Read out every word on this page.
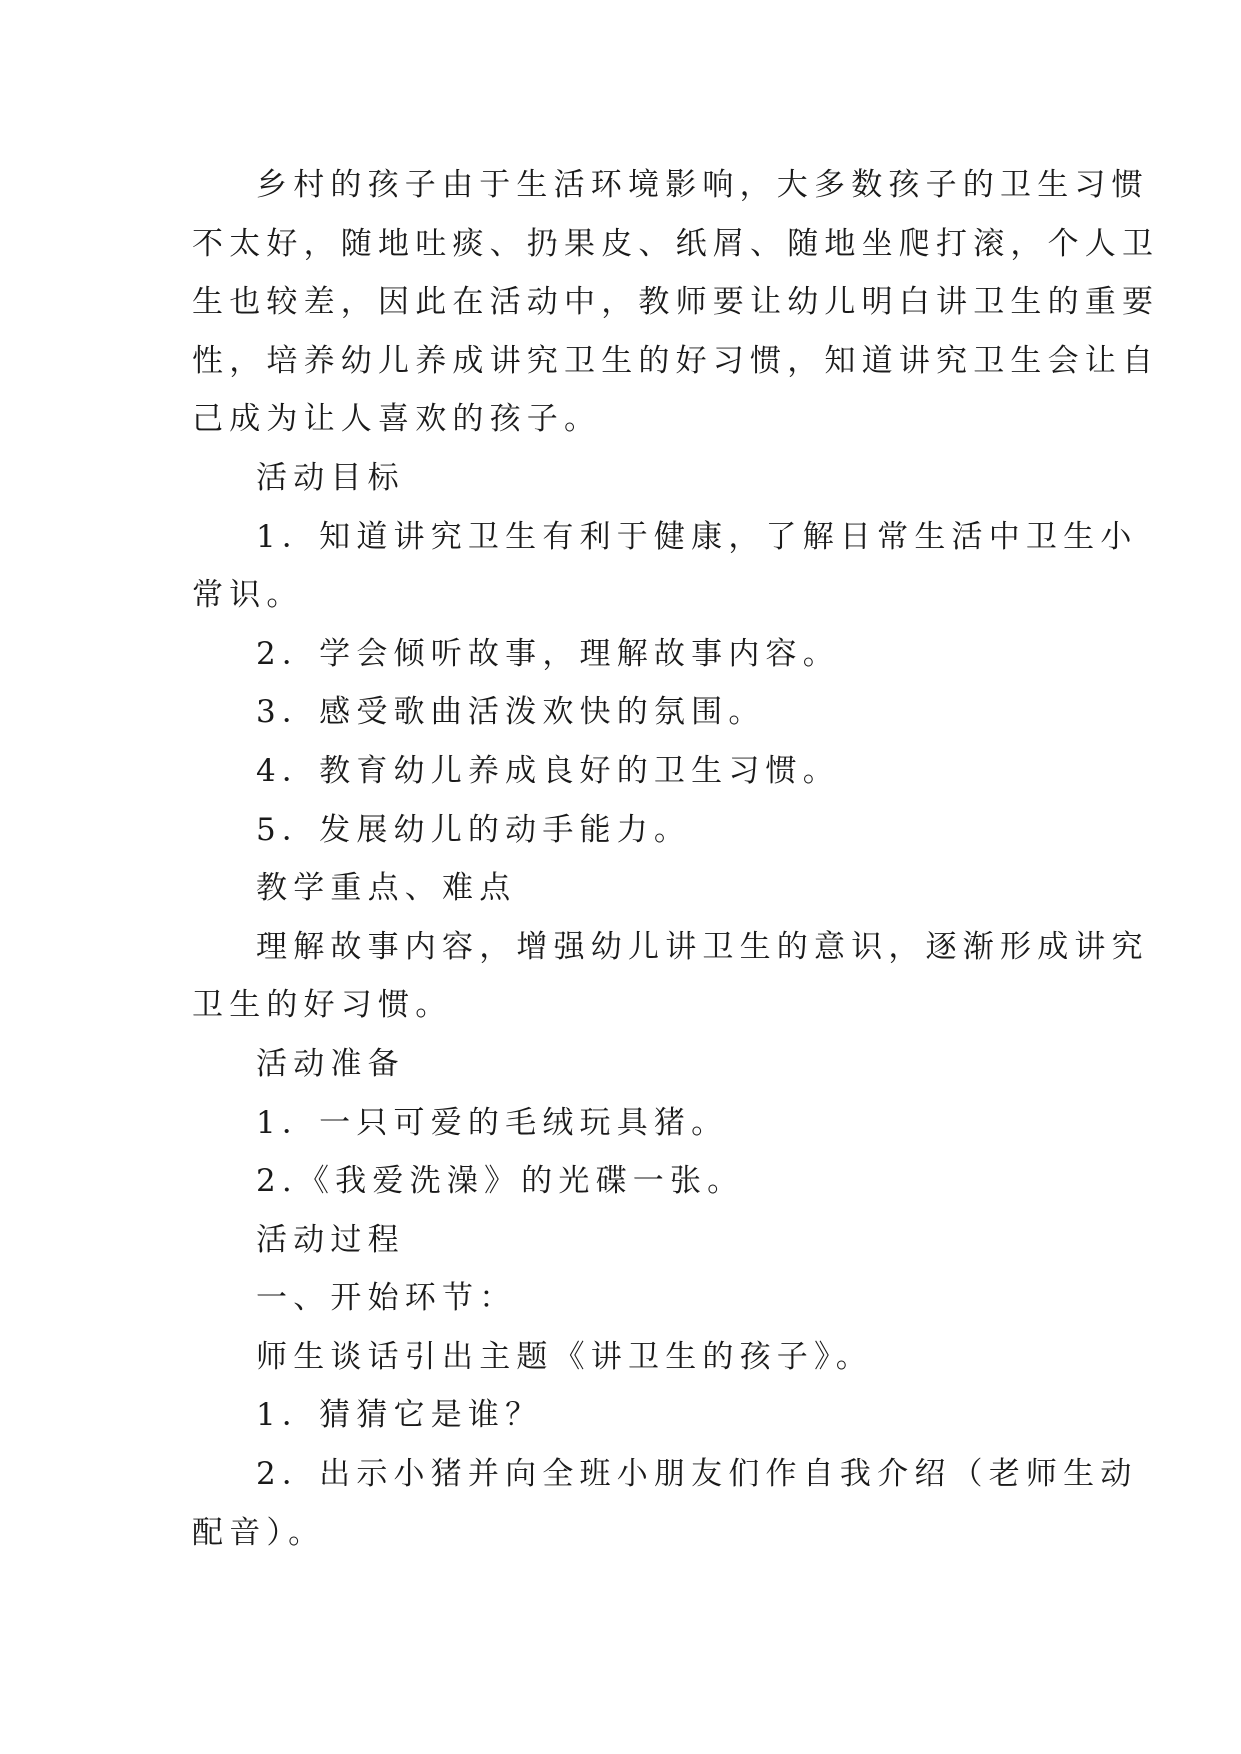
乡村的孩子由于生活环境影响，大多数孩子的卫生习惯

不太好，随地吐痰、扔果皮、纸屑、随地坐爬打滚，个人卫

生也较差，因此在活动中，教师要让幼儿明白讲卫生的重要

性，培养幼儿养成讲究卫生的好习惯，知道讲究卫生会让自

己成为让人喜欢的孩子。

活动目标

1．知道讲究卫生有利于健康，了解日常生活中卫生小

常识。

2．学会倾听故事，理解故事内容。

3．感受歌曲活泼欢快的氛围。

4．教育幼儿养成良好的卫生习惯。

5．发展幼儿的动手能力。

教学重点、难点

理解故事内容，增强幼儿讲卫生的意识，逐渐形成讲究

卫生的好习惯。

活动准备

1．一只可爱的毛绒玩具猪。

2.《我爱洗澡》的光碟一张。

活动过程

一、开始环节：

师生谈话引出主题《讲卫生的孩子》。

1．猜猜它是谁？

2．出示小猪并向全班小朋友们作自我介绍（老师生动

配音）。
